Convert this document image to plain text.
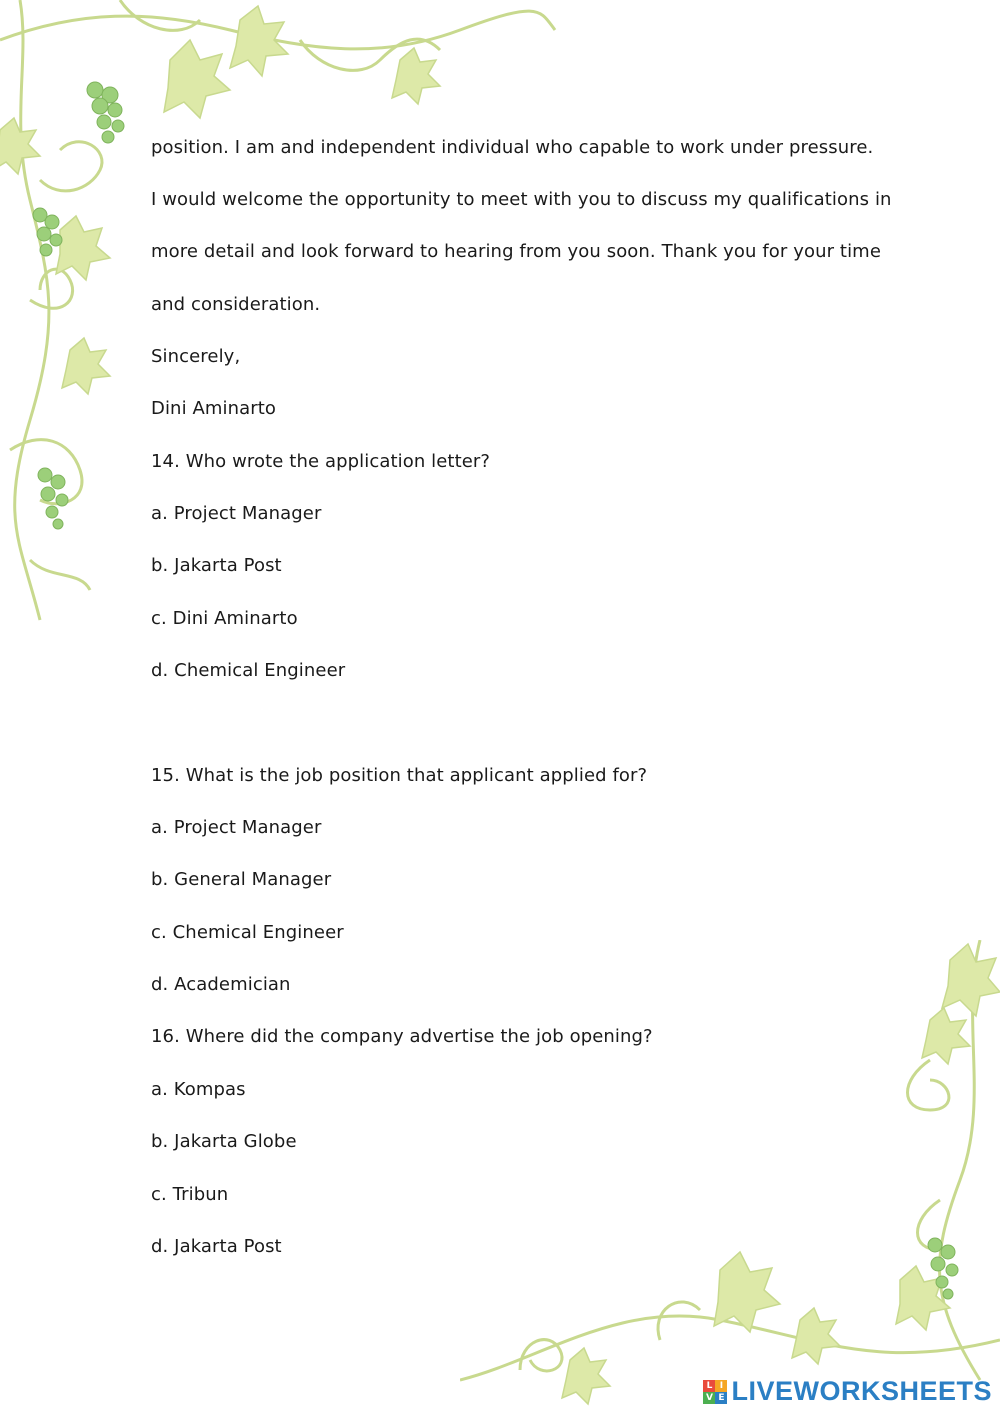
position. I am and independent individual who capable to work under pressure.
I would welcome the opportunity to meet with you to discuss my qualifications in
more detail and look forward to hearing from you soon. Thank you for your time
and consideration.
Sincerely,
Dini Aminarto
14. Who wrote the application letter?
a. Project Manager
b. Jakarta Post
c. Dini Aminarto
d. Chemical Engineer
15. What is the job position that applicant applied for?
a. Project Manager
b. General Manager
c. Chemical Engineer
d. Academician
16. Where did the company advertise the job opening?
a. Kompas
b. Jakarta Globe
c. Tribun
d. Jakarta Post
L I
V E LIVEWORKSHEETS
